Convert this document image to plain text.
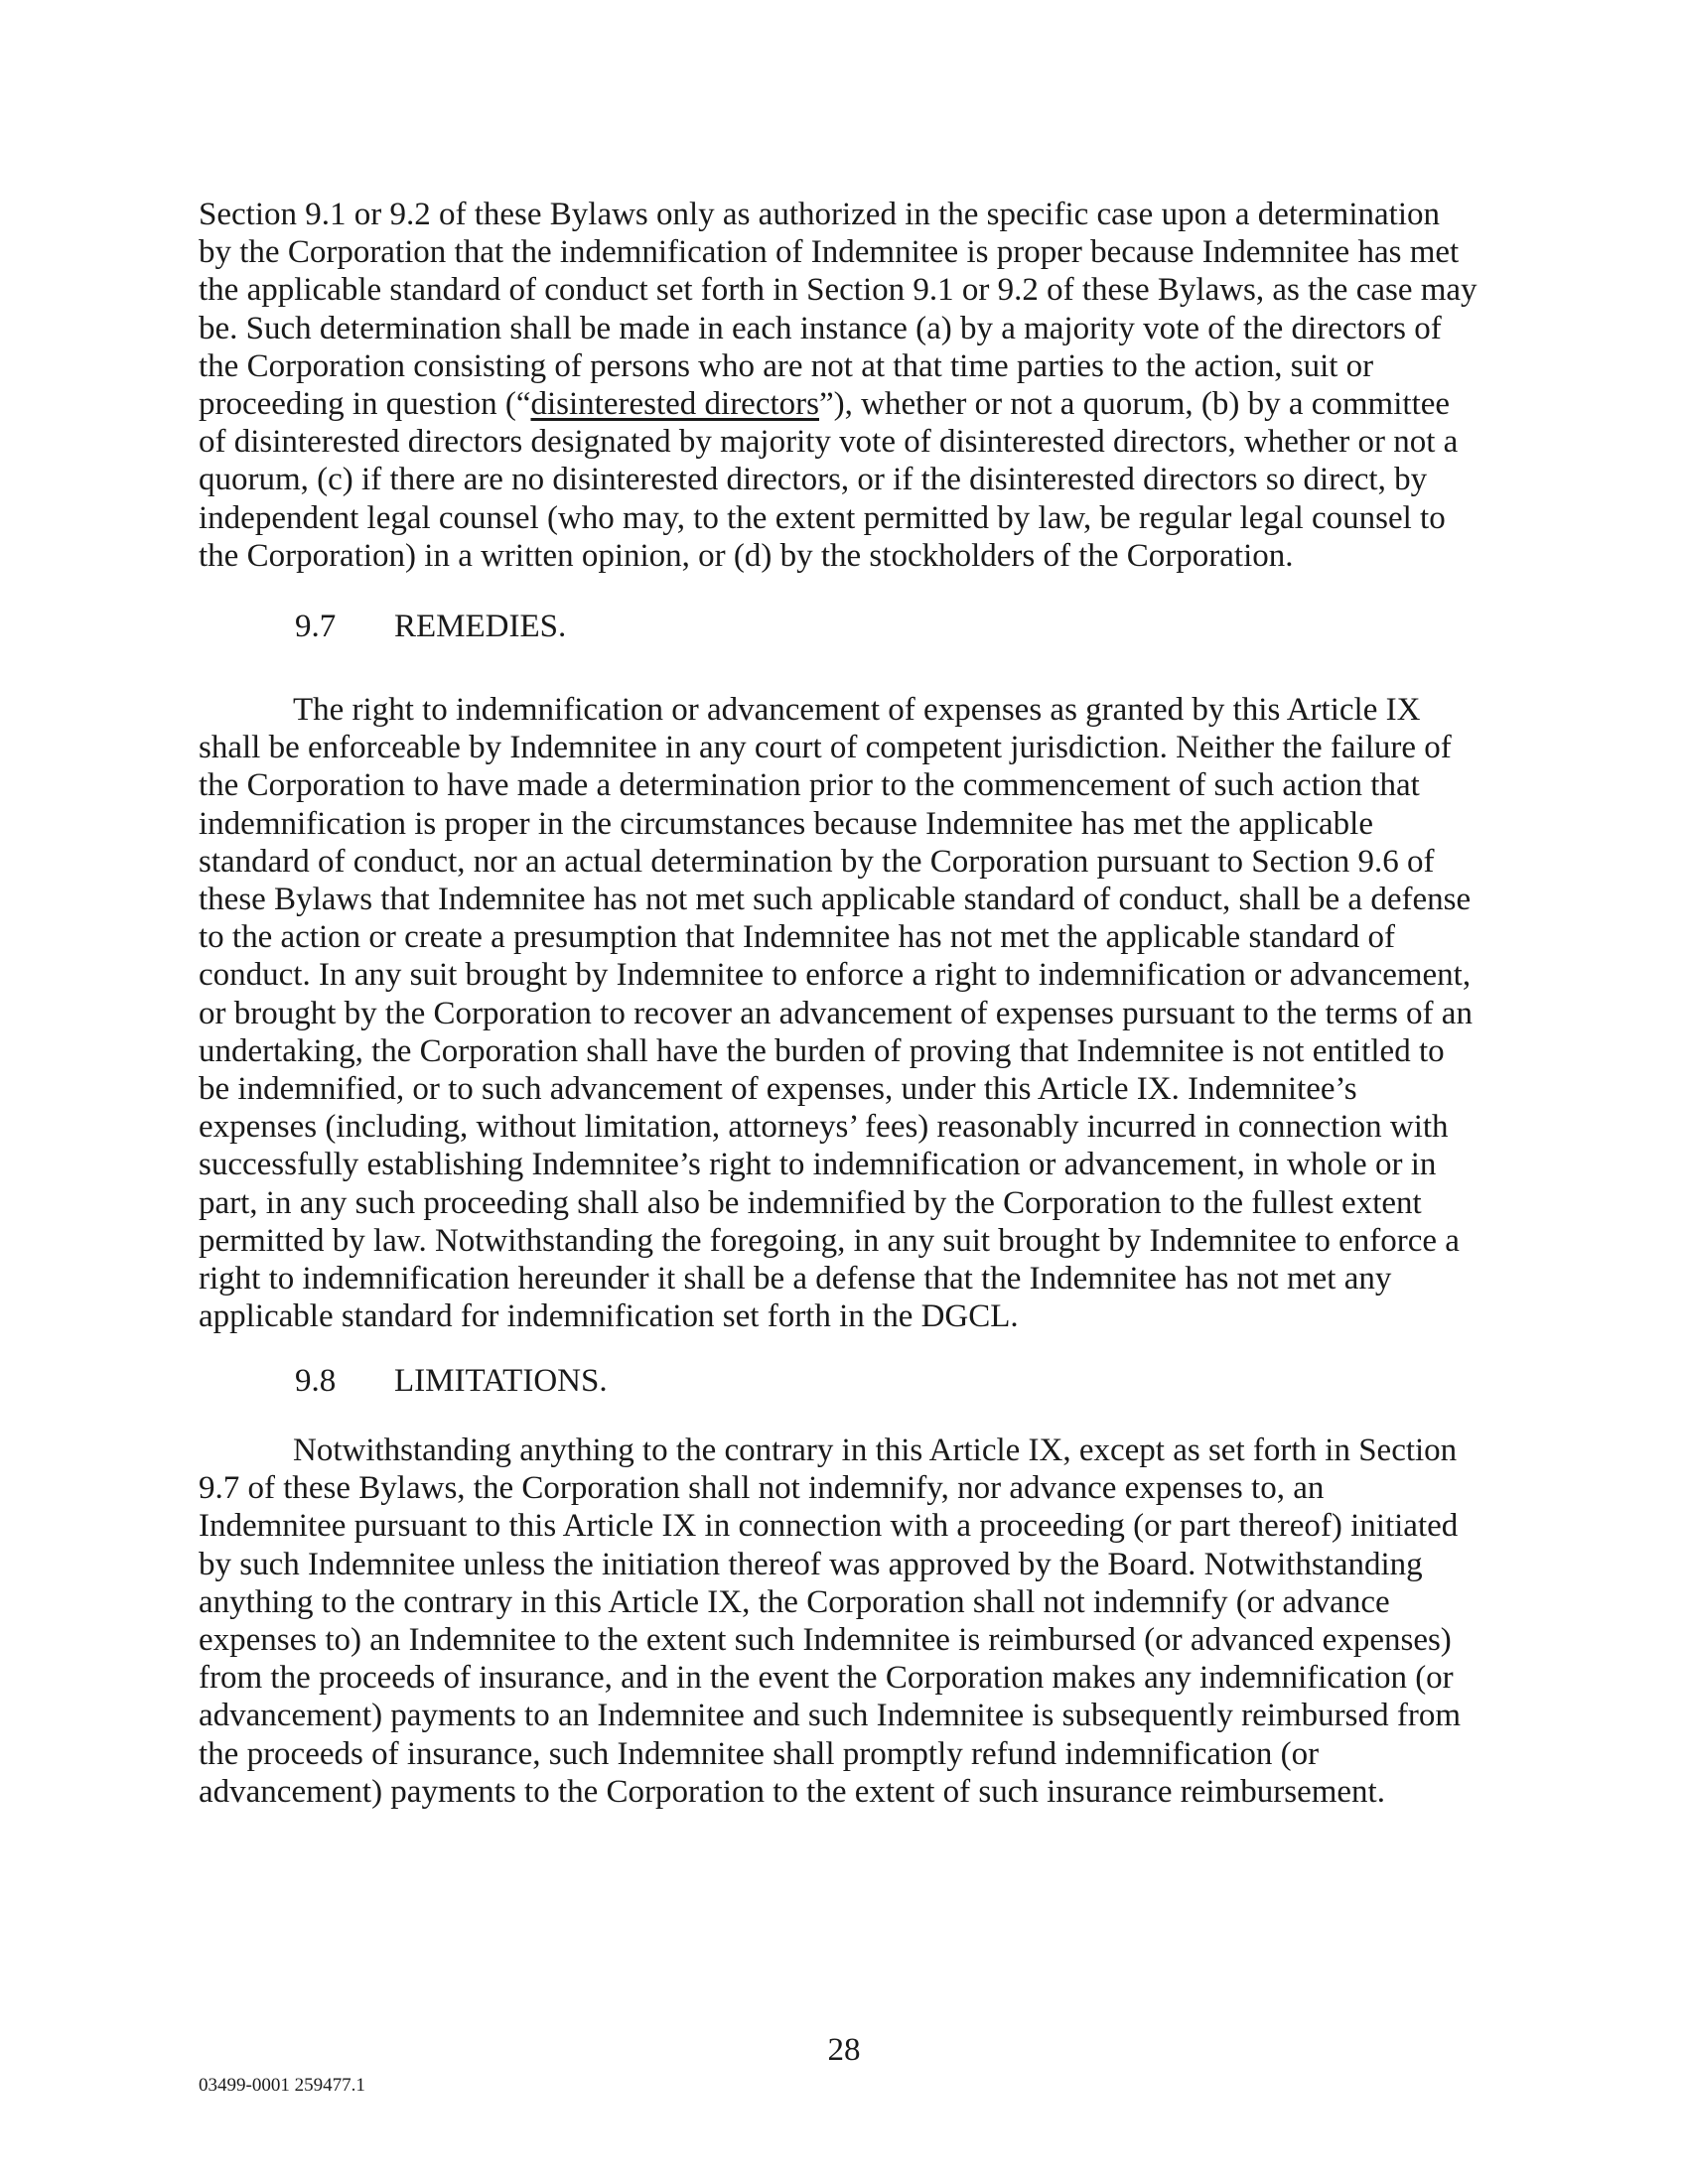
Section 9.1 or 9.2 of these Bylaws only as authorized in the specific case upon a determination by the Corporation that the indemnification of Indemnitee is proper because Indemnitee has met the applicable standard of conduct set forth in Section 9.1 or 9.2 of these Bylaws, as the case may be. Such determination shall be made in each instance (a) by a majority vote of the directors of the Corporation consisting of persons who are not at that time parties to the action, suit or proceeding in question (“disinterested directors”), whether or not a quorum, (b) by a committee of disinterested directors designated by majority vote of disinterested directors, whether or not a quorum, (c) if there are no disinterested directors, or if the disinterested directors so direct, by independent legal counsel (who may, to the extent permitted by law, be regular legal counsel to the Corporation) in a written opinion, or (d) by the stockholders of the Corporation.

9.7 REMEDIES.

The right to indemnification or advancement of expenses as granted by this Article IX shall be enforceable by Indemnitee in any court of competent jurisdiction. Neither the failure of the Corporation to have made a determination prior to the commencement of such action that indemnification is proper in the circumstances because Indemnitee has met the applicable standard of conduct, nor an actual determination by the Corporation pursuant to Section 9.6 of these Bylaws that Indemnitee has not met such applicable standard of conduct, shall be a defense to the action or create a presumption that Indemnitee has not met the applicable standard of conduct. In any suit brought by Indemnitee to enforce a right to indemnification or advancement, or brought by the Corporation to recover an advancement of expenses pursuant to the terms of an undertaking, the Corporation shall have the burden of proving that Indemnitee is not entitled to be indemnified, or to such advancement of expenses, under this Article IX. Indemnitee’s expenses (including, without limitation, attorneys’ fees) reasonably incurred in connection with successfully establishing Indemnitee’s right to indemnification or advancement, in whole or in part, in any such proceeding shall also be indemnified by the Corporation to the fullest extent permitted by law. Notwithstanding the foregoing, in any suit brought by Indemnitee to enforce a right to indemnification hereunder it shall be a defense that the Indemnitee has not met any applicable standard for indemnification set forth in the DGCL.

9.8 LIMITATIONS.

Notwithstanding anything to the contrary in this Article IX, except as set forth in Section 9.7 of these Bylaws, the Corporation shall not indemnify, nor advance expenses to, an Indemnitee pursuant to this Article IX in connection with a proceeding (or part thereof) initiated by such Indemnitee unless the initiation thereof was approved by the Board. Notwithstanding anything to the contrary in this Article IX, the Corporation shall not indemnify (or advance expenses to) an Indemnitee to the extent such Indemnitee is reimbursed (or advanced expenses) from the proceeds of insurance, and in the event the Corporation makes any indemnification (or advancement) payments to an Indemnitee and such Indemnitee is subsequently reimbursed from the proceeds of insurance, such Indemnitee shall promptly refund indemnification (or advancement) payments to the Corporation to the extent of such insurance reimbursement.

28
03499-0001 259477.1
